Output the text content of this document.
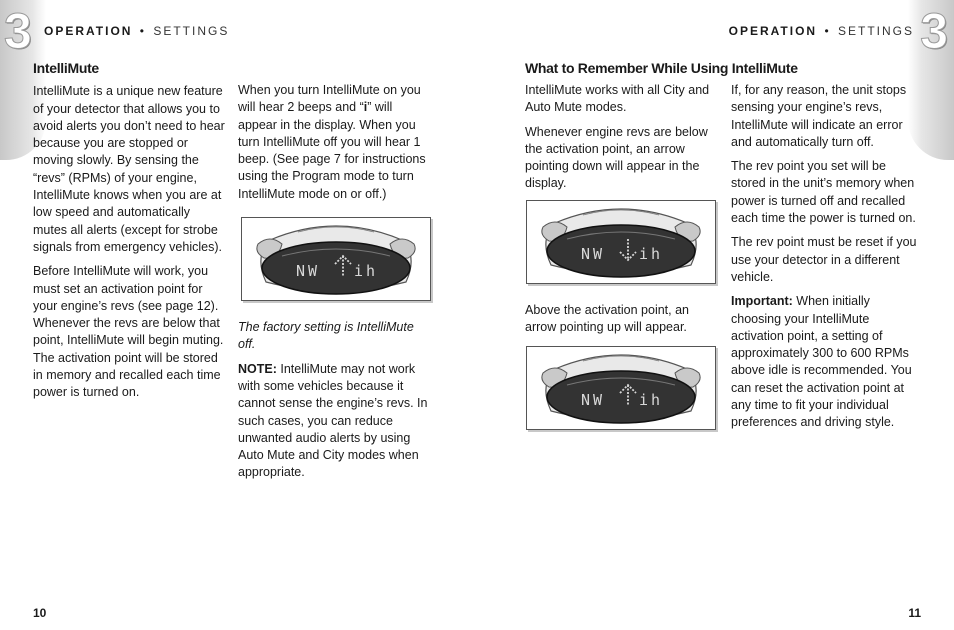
3 OPERATION • SETTINGS
IntelliMute

IntelliMute is a unique new feature of your detector that allows you to avoid alerts you don’t need to hear because you are stopped or moving slowly. By sensing the “revs” (RPMs) of your engine, IntelliMute knows when you are at low speed and automatically mutes all alerts (except for strobe signals from emergency vehicles).

Before IntelliMute will work, you must set an activation point for your engine’s revs (see page 12). Whenever the revs are below that point, IntelliMute will begin muting. The activation point will be stored in memory and recalled each time power is turned on.

When you turn IntelliMute on you will hear 2 beeps and “i” will appear in the display. When you turn IntelliMute off you will hear 1 beep. (See page 7 for instructions using the Program mode to turn IntelliMute mode on or off.)

NW ih

The factory setting is IntelliMute off.

NOTE: IntelliMute may not work with some vehicles because it cannot sense the engine’s revs. In such cases, you can reduce unwanted audio alerts by using Auto Mute and City modes when appropriate.

10
3
OPERATION • SETTINGS
What to Remember While Using IntelliMute

IntelliMute works with all City and Auto Mute modes.

Whenever engine revs are below the activation point, an arrow pointing down will appear in the display.

NW ih

Above the activation point, an arrow pointing up will appear.

NW ih

If, for any reason, the unit stops sensing your engine’s revs, IntelliMute will indicate an error and automatically turn off.

The rev point you set will be stored in the unit’s memory when power is turned off and recalled each time the power is turned on.

The rev point must be reset if you use your detector in a different vehicle.

Important: When initially choosing your IntelliMute activation point, a setting of approximately 300 to 600 RPMs above idle is recommended. You can reset the activation point at any time to fit your individual preferences and driving style.

11
